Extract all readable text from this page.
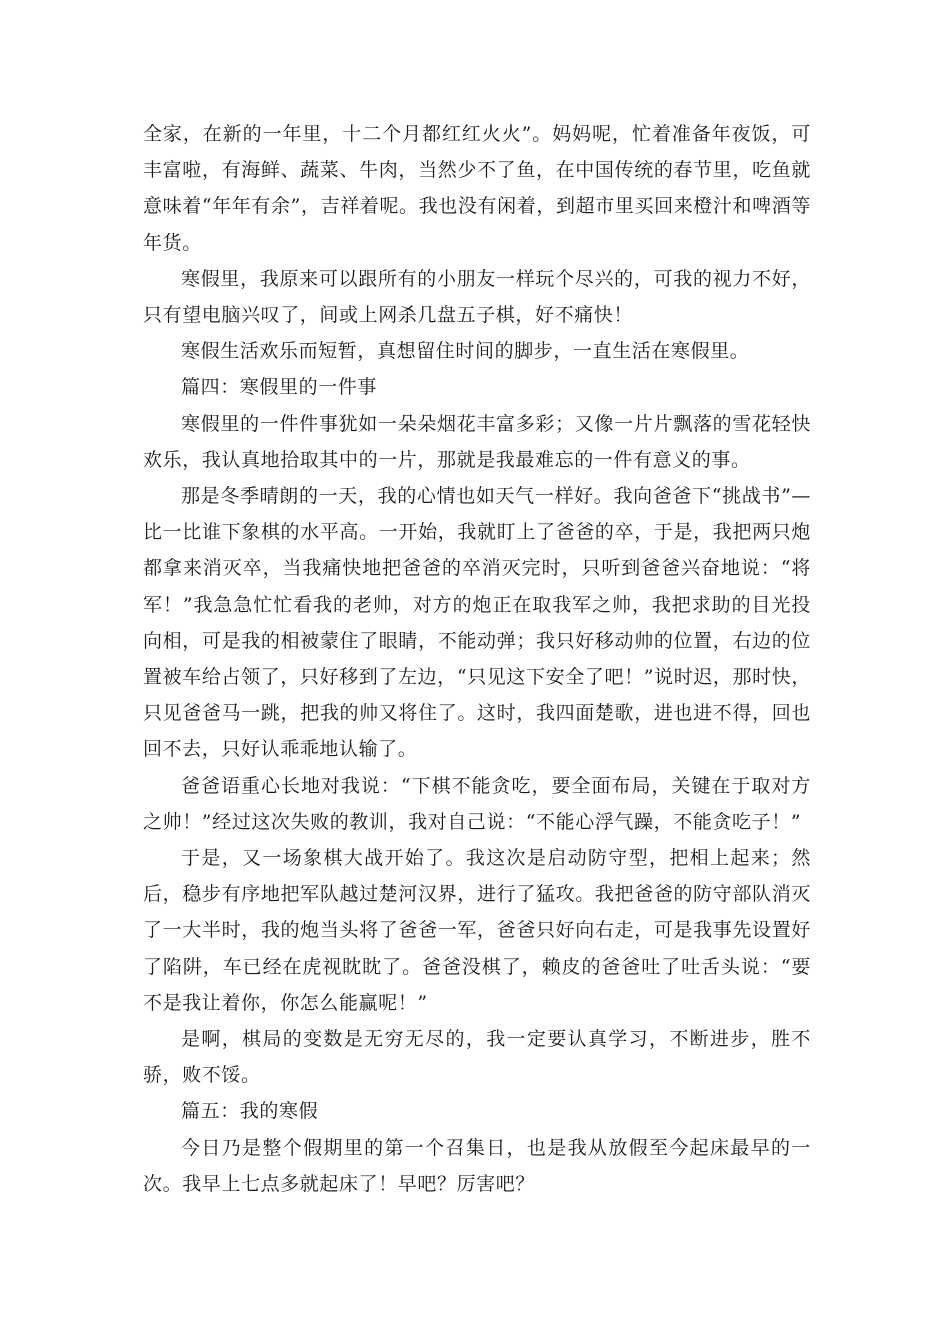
全家，在新的一年里，十二个月都红红火火”。妈妈呢，忙着准备年夜饭，可丰富啦，有海鲜、蔬菜、牛肉，当然少不了鱼，在中国传统的春节里，吃鱼就意味着“年年有余”，吉祥着呢。我也没有闲着，到超市里买回来橙汁和啤酒等年货。

寒假里，我原来可以跟所有的小朋友一样玩个尽兴的，可我的视力不好，只有望电脑兴叹了，间或上网杀几盘五子棋，好不痛快！

寒假生活欢乐而短暂，真想留住时间的脚步，一直生活在寒假里。

篇四：寒假里的一件事

寒假里的一件件事犹如一朵朵烟花丰富多彩；又像一片片飘落的雪花轻快欢乐，我认真地拾取其中的一片，那就是我最难忘的一件有意义的事。

那是冬季晴朗的一天，我的心情也如天气一样好。我向爸爸下“挑战书”—比一比谁下象棋的水平高。一开始，我就盯上了爸爸的卒，于是，我把两只炮都拿来消灭卒，当我痛快地把爸爸的卒消灭完时，只听到爸爸兴奋地说：“将军！”我急急忙忙看我的老帅，对方的炮正在取我军之帅，我把求助的目光投向相，可是我的相被蒙住了眼睛，不能动弹；我只好移动帅的位置，右边的位置被车给占领了，只好移到了左边，“只见这下安全了吧！”说时迟，那时快，只见爸爸马一跳，把我的帅又将住了。这时，我四面楚歌，进也进不得，回也回不去，只好认乖乖地认输了。

爸爸语重心长地对我说：“下棋不能贪吃，要全面布局，关键在于取对方之帅！”经过这次失败的教训，我对自己说：“不能心浮气躁，不能贪吃子！”

于是，又一场象棋大战开始了。我这次是启动防守型，把相上起来；然后，稳步有序地把军队越过楚河汉界，进行了猛攻。我把爸爸的防守部队消灭了一大半时，我的炮当头将了爸爸一军，爸爸只好向右走，可是我事先设置好了陷阱，车已经在虎视眈眈了。爸爸没棋了，赖皮的爸爸吐了吐舌头说：“要不是我让着你，你怎么能赢呢！”

是啊，棋局的变数是无穷无尽的，我一定要认真学习，不断进步，胜不骄，败不馁。

篇五：我的寒假

今日乃是整个假期里的第一个召集日，也是我从放假至今起床最早的一次。我早上七点多就起床了！早吧？厉害吧？
